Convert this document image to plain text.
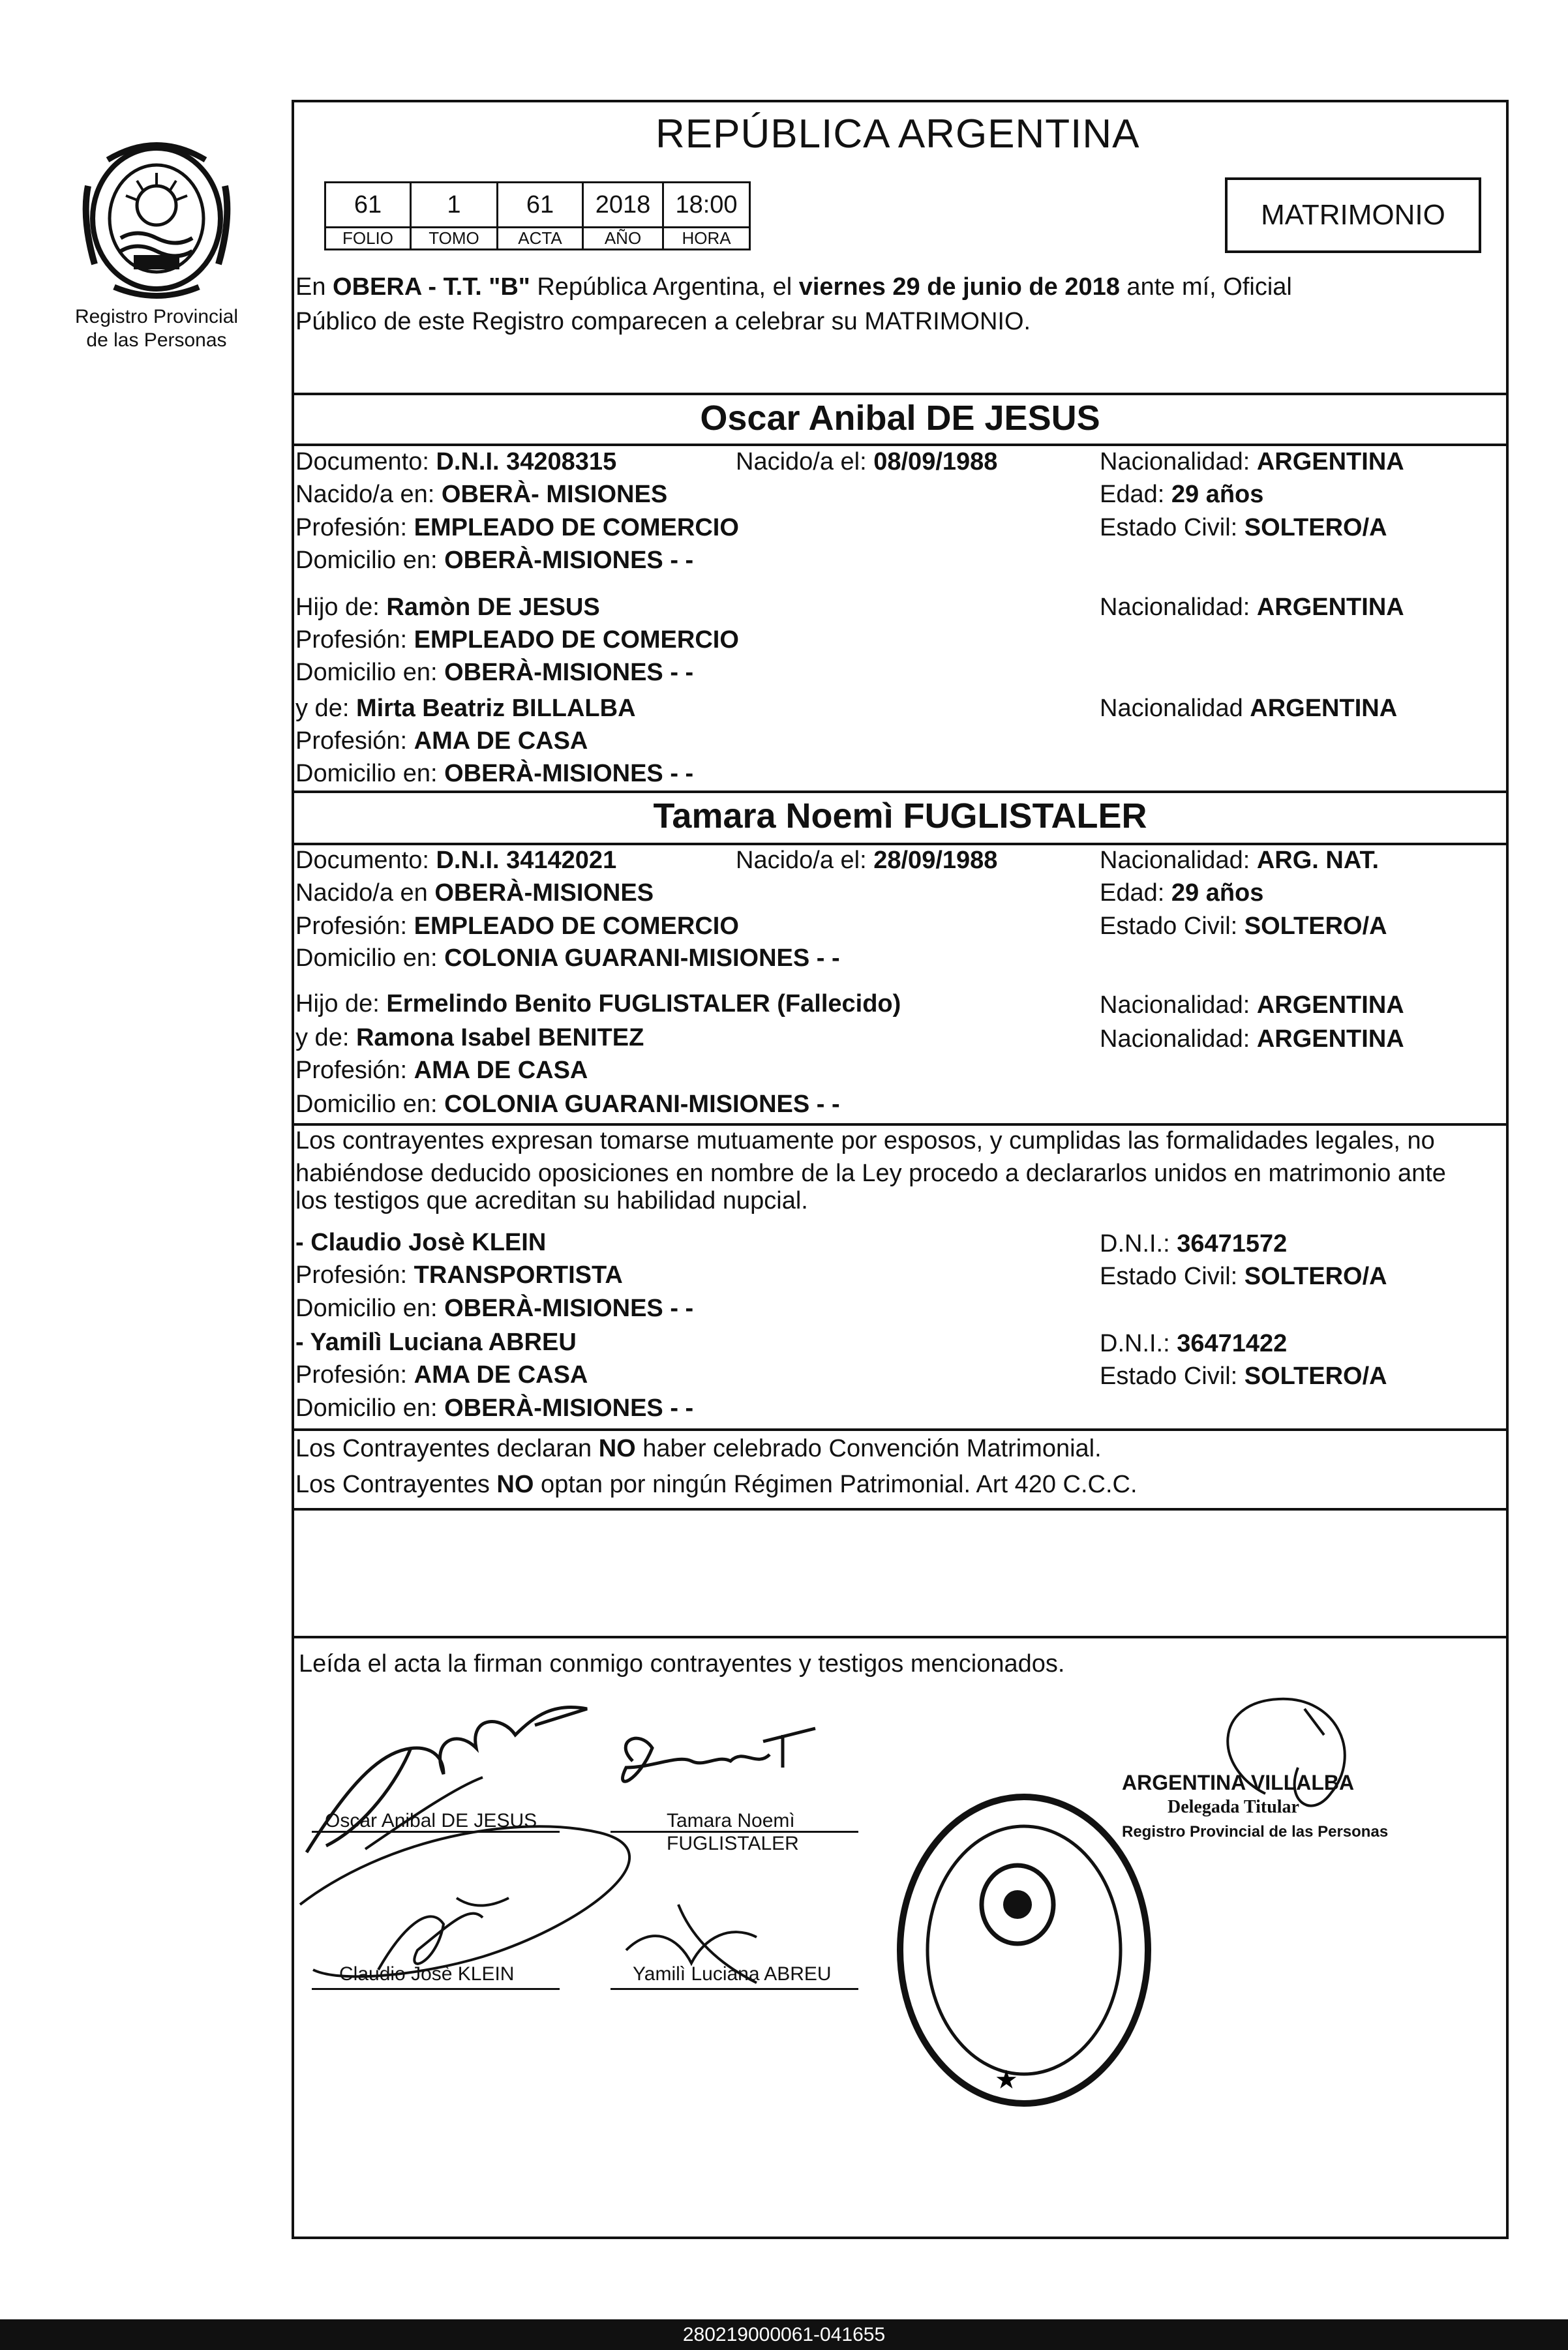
Registro Provincial
de las Personas
REPÚBLICA ARGENTINA
61	1	61	2018	18:00
FOLIO	TOMO	ACTA	AÑO	HORA
MATRIMONIO
En OBERA - T.T. "B" República Argentina, el viernes 29 de junio de 2018 ante mí, Oficial
Público de este Registro comparecen a celebrar su MATRIMONIO.
Oscar Anibal DE JESUS
Documento: D.N.I. 34208315	Nacido/a el: 08/09/1988	Nacionalidad: ARGENTINA
Nacido/a en: OBERÀ- MISIONES	Edad: 29 años
Profesión: EMPLEADO DE COMERCIO	Estado Civil: SOLTERO/A
Domicilio en: OBERÀ-MISIONES - -
Hijo de: Ramòn DE JESUS	Nacionalidad: ARGENTINA
Profesión: EMPLEADO DE COMERCIO
Domicilio en: OBERÀ-MISIONES - -
y de: Mirta Beatriz BILLALBA	Nacionalidad ARGENTINA
Profesión: AMA DE CASA
Domicilio en: OBERÀ-MISIONES - -
Tamara Noemì FUGLISTALER
Documento: D.N.I. 34142021	Nacido/a el: 28/09/1988	Nacionalidad: ARG. NAT.
Nacido/a en OBERÀ-MISIONES	Edad: 29 años
Profesión: EMPLEADO DE COMERCIO	Estado Civil: SOLTERO/A
Domicilio en: COLONIA GUARANI-MISIONES - -
Hijo de: Ermelindo Benito FUGLISTALER (Fallecido)	Nacionalidad: ARGENTINA
y de: Ramona Isabel BENITEZ	Nacionalidad: ARGENTINA
Profesión: AMA DE CASA
Domicilio en: COLONIA GUARANI-MISIONES - -
Los contrayentes expresan tomarse mutuamente por esposos, y cumplidas las formalidades legales, no
habiéndose deducido oposiciones en nombre de la Ley procedo a declararlos unidos en matrimonio ante
los testigos que acreditan su habilidad nupcial.
- Claudio Josè KLEIN	D.N.I.: 36471572
Profesión: TRANSPORTISTA	Estado Civil: SOLTERO/A
Domicilio en: OBERÀ-MISIONES - -
- Yamilì Luciana ABREU	D.N.I.: 36471422
Profesión: AMA DE CASA	Estado Civil: SOLTERO/A
Domicilio en: OBERÀ-MISIONES - -
Los Contrayentes declaran NO haber celebrado Convención Matrimonial.
Los Contrayentes NO optan por ningún Régimen Patrimonial. Art 420 C.C.C.
Leída el acta la firman conmigo contrayentes y testigos mencionados.
★
Oscar Anibal DE JESUS	Tamara Noemì
FUGLISTALER
Claudio Josè KLEIN	Yamilì Luciana ABREU
ARGENTINA VILLALBA
Delegada Titular
Registro Provincial de las Personas
280219000061-041655
